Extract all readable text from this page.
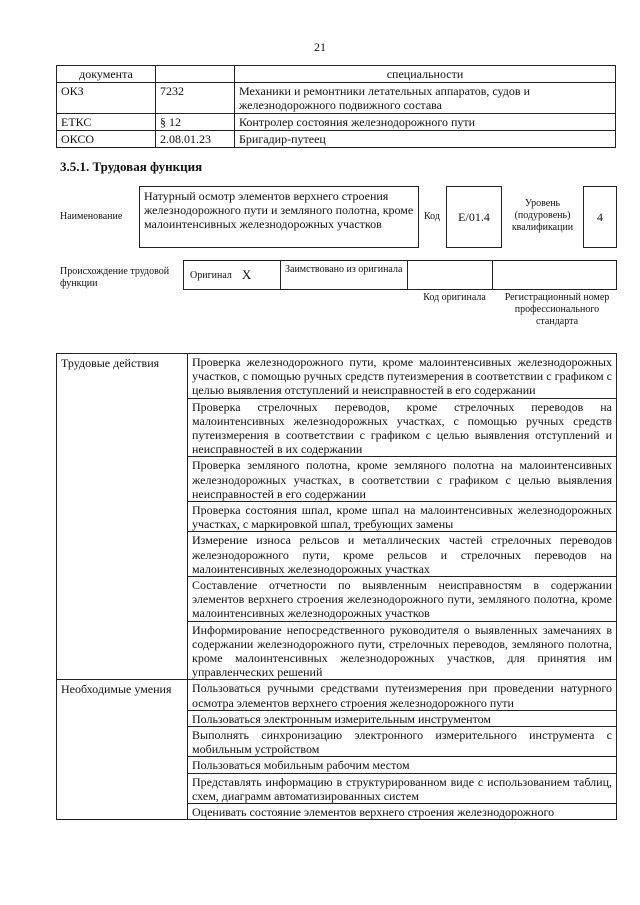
21
документа		специальности
ОКЗ	7232	Механики и ремонтники летательных аппаратов, судов и железнодорожного подвижного состава
ЕТКС	§ 12	Контролер состояния железнодорожного пути
ОКСО	2.08.01.23	Бригадир-путеец
3.5.1. Трудовая функция
Наименование
Натурный осмотр элементов верхнего строения железнодорожного пути и земляного полотна, кроме малоинтенсивных железнодорожных участков
Код	E/01.4
Уровень (подуровень) квалификации
4
Происхождение трудовой функции
Оригинал X	Заимствовано из оригинала
Код оригинала	Регистрационный номер профессионального стандарта
Трудовые действия	Проверка железнодорожного пути, кроме малоинтенсивных железнодорожных участков, с помощью ручных средств путеизмерения в соответствии с графиком с целью выявления отступлений и неисправностей в его содержании
	Проверка стрелочных переводов, кроме стрелочных переводов на малоинтенсивных железнодорожных участках, с помощью ручных средств путеизмерения в соответствии с графиком с целью выявления отступлений и неисправностей в их содержании
	Проверка земляного полотна, кроме земляного полотна на малоинтенсивных железнодорожных участках, в соответствии с графиком с целью выявления неисправностей в его содержании
	Проверка состояния шпал, кроме шпал на малоинтенсивных железнодорожных участках, с маркировкой шпал, требующих замены
	Измерение износа рельсов и металлических частей стрелочных переводов железнодорожного пути, кроме рельсов и стрелочных переводов на малоинтенсивных железнодорожных участках
	Составление отчетности по выявленным неисправностям в содержании элементов верхнего строения железнодорожного пути, земляного полотна, кроме малоинтенсивных железнодорожных участков
	Информирование непосредственного руководителя о выявленных замечаниях в содержании железнодорожного пути, стрелочных переводов, земляного полотна, кроме малоинтенсивных железнодорожных участков, для принятия им управленческих решений
Необходимые умения	Пользоваться ручными средствами путеизмерения при проведении натурного осмотра элементов верхнего строения железнодорожного пути
	Пользоваться электронным измерительным инструментом
	Выполнять синхронизацию электронного измерительного инструмента с мобильным устройством
	Пользоваться мобильным рабочим местом
	Представлять информацию в структурированном виде с использованием таблиц, схем, диаграмм автоматизированных систем
	Оценивать состояние элементов верхнего строения железнодорожного
